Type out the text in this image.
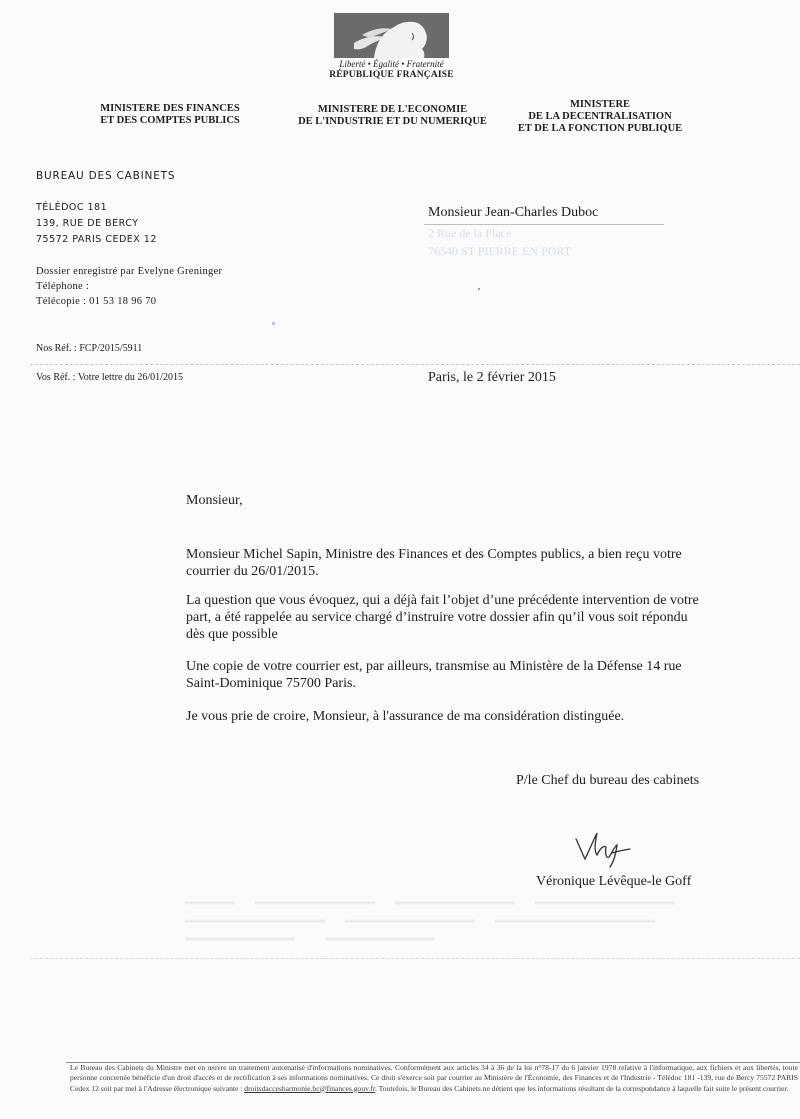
Liberté • Égalité • Fraternité
RÉPUBLIQUE FRANÇAISE
MINISTERE DES FINANCES
ET DES COMPTES PUBLICS
MINISTERE DE L'ECONOMIE
DE L'INDUSTRIE ET DU NUMERIQUE
MINISTERE
DE LA DECENTRALISATION
ET DE LA FONCTION PUBLIQUE
BUREAU DES CABINETS
TÉLÉDOC 181
139, RUE DE BERCY
75572 PARIS CEDEX 12
Dossier enregistré par Evelyne Greninger
Téléphone :
Télécopie : 01 53 18 96 70
Nos Réf. : FCP/2015/5911
Vos Réf. : Votre lettre du 26/01/2015
Monsieur Jean-Charles Duboc
2 Rue de la Place
76540 ST PIERRE EN PORT
Paris, le 2 février 2015
Monsieur,
Monsieur Michel Sapin, Ministre des Finances et des Comptes publics, a bien reçu votre courrier du 26/01/2015.
La question que vous évoquez, qui a déjà fait l’objet d’une précédente intervention de votre part, a été rappelée au service chargé d’instruire votre dossier afin qu’il vous soit répondu dès que possible
Une copie de votre courrier est, par ailleurs, transmise au Ministère de la Défense 14 rue Saint-Dominique 75700 Paris.
Je vous prie de croire, Monsieur, à l'assurance de ma considération distinguée.
P/le Chef du bureau des cabinets
Véronique Lévêque-le Goff
Le Bureau des Cabinets du Ministre met en œuvre un traitement automatisé d'informations nominatives. Conformément aux articles 34 à 36 de la loi n°78-17 du 6 janvier 1978 relative à l'informatique, aux fichiers et aux libertés, toute personne concernée bénéficie d'un droit d'accès et de rectification à ses informations nominatives. Ce droit s'exerce soit par courrier au Ministère de l'Économie, des Finances et de l'Industrie - Télédoc 181 -139, rue de Bercy 75572 PARIS Cedex 12 soit par mel à l'Adresse électronique suivante : droitsdaccesharmonie.bc@finances.gouv.fr. Toutefois, le Bureau des Cabinets ne détient que les informations résultant de la correspondance à laquelle fait suite le présent courrier.
